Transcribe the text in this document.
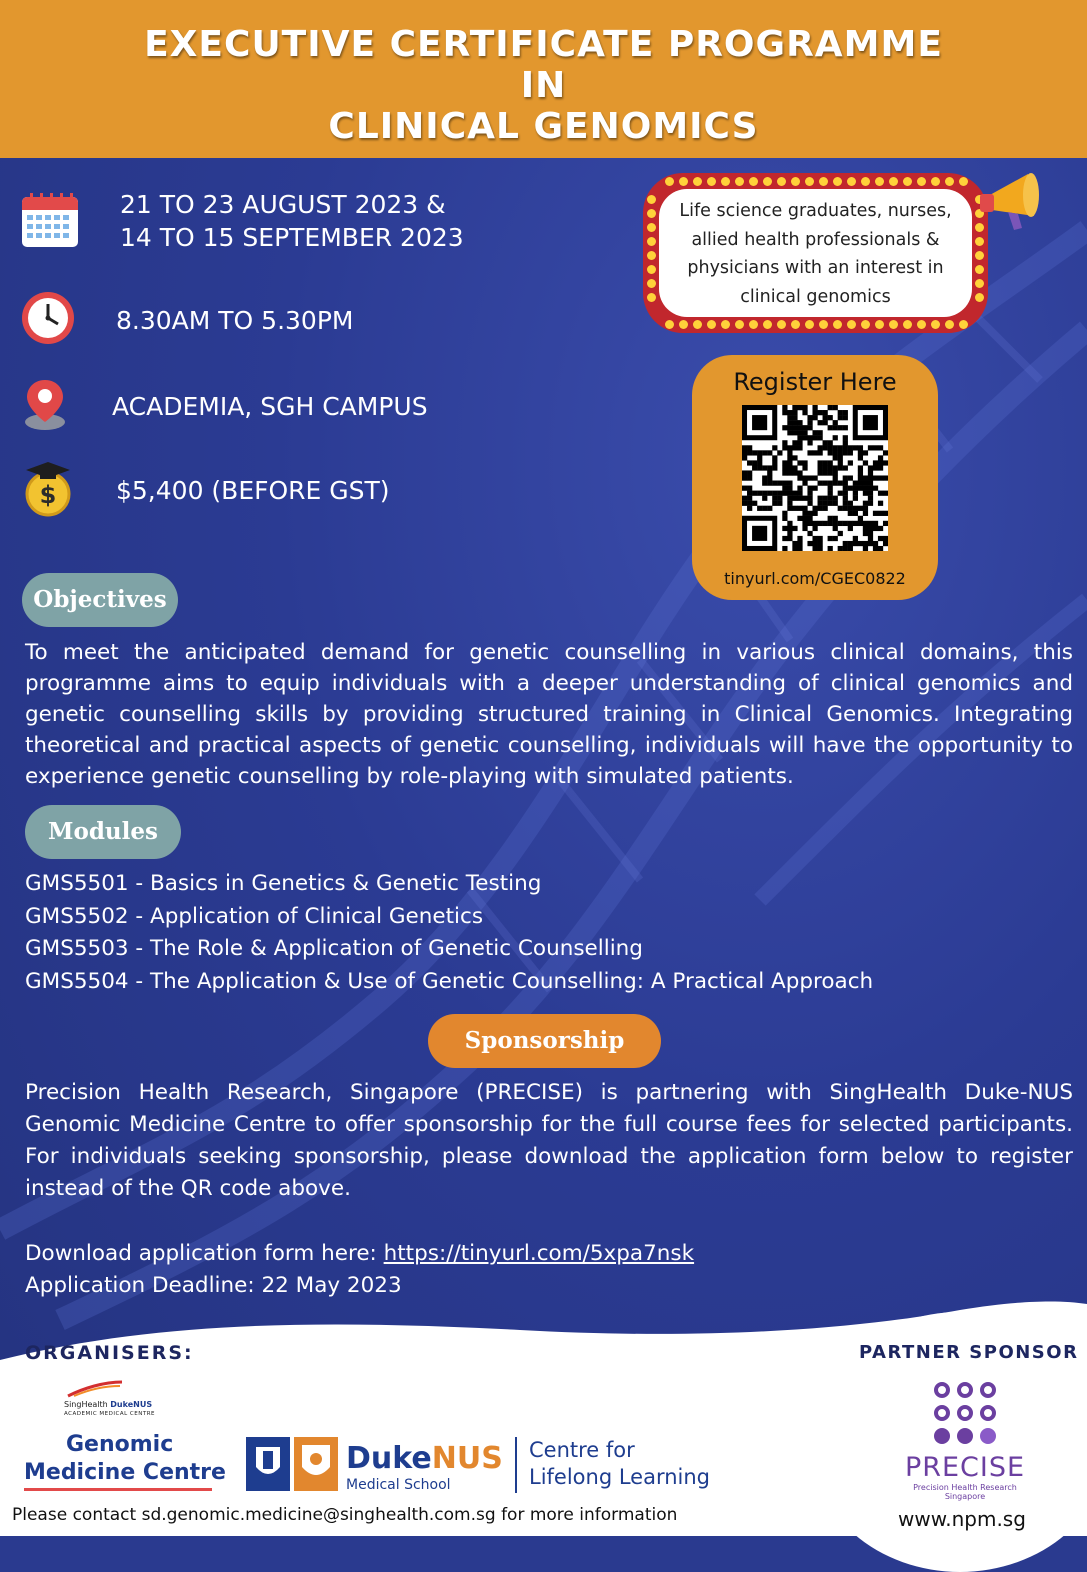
EXECUTIVE CERTIFICATE PROGRAMME
IN
CLINICAL GENOMICS
21 TO 23 AUGUST 2023 &
14 TO 15 SEPTEMBER 2023
8.30AM TO 5.30PM
ACADEMIA, SGH CAMPUS
$ $5,400 (BEFORE GST)
Life science graduates, nurses,
allied health professionals &
physicians with an interest in
clinical genomics
Register Here
tinyurl.com/CGEC0822
Objectives
To meet the anticipated demand for genetic counselling in various clinical domains, this programme aims to equip individuals with a deeper understanding of clinical genomics and genetic counselling skills by providing structured training in Clinical Genomics. Integrating theoretical and practical aspects of genetic counselling, individuals will have the opportunity to experience genetic counselling by role-playing with simulated patients.
Modules
GMS5501 - Basics in Genetics & Genetic Testing
GMS5502 - Application of Clinical Genetics
GMS5503 - The Role & Application of Genetic Counselling
GMS5504 - The Application & Use of Genetic Counselling: A Practical Approach
Sponsorship
Precision Health Research, Singapore (PRECISE) is partnering with SingHealth Duke-NUS Genomic Medicine Centre to offer sponsorship for the full course fees for selected participants. For individuals seeking sponsorship, please download the application form below to register instead of the QR code above.
Download application form here: https://tinyurl.com/5xpa7nsk
Application Deadline: 22 May 2023
ORGANISERS:	PARTNER SPONSOR
SingHealth DukeNUS
ACADEMIC MEDICAL CENTRE
Genomic
Medicine Centre	DukeNUS
Medical School
Centre for
Lifelong Learning	PRECISE
Precision Health Research
Singapore
Please contact sd.genomic.medicine@singhealth.com.sg for more information	www.npm.sg
